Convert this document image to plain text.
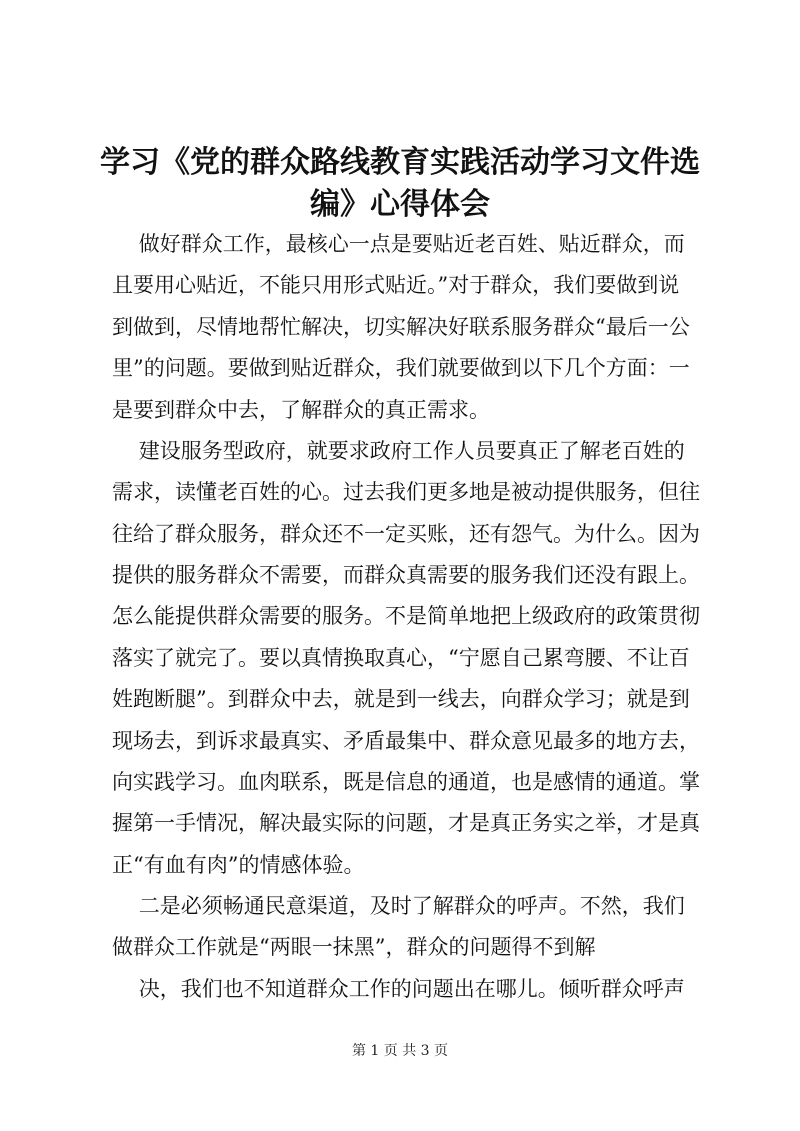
学习《党的群众路线教育实践活动学习文件选
编》心得体会

做好群众工作，最核心一点是要贴近老百姓、贴近群众，而

且要用心贴近，不能只用形式贴近。”对于群众，我们要做到说

到做到，尽情地帮忙解决，切实解决好联系服务群众“最后一公

里”的问题。要做到贴近群众，我们就要做到以下几个方面：一

是要到群众中去，了解群众的真正需求。

建设服务型政府，就要求政府工作人员要真正了解老百姓的

需求，读懂老百姓的心。过去我们更多地是被动提供服务，但往

往给了群众服务，群众还不一定买账，还有怨气。为什么。因为

提供的服务群众不需要，而群众真需要的服务我们还没有跟上。

怎么能提供群众需要的服务。不是简单地把上级政府的政策贯彻

落实了就完了。要以真情换取真心，“宁愿自己累弯腰、不让百

姓跑断腿”。到群众中去，就是到一线去，向群众学习；就是到

现场去，到诉求最真实、矛盾最集中、群众意见最多的地方去，

向实践学习。血肉联系，既是信息的通道，也是感情的通道。掌

握第一手情况，解决最实际的问题，才是真正务实之举，才是真

正“有血有肉”的情感体验。

二是必须畅通民意渠道，及时了解群众的呼声。不然，我们

做群众工作就是“两眼一抹黑”，群众的问题得不到解

决，我们也不知道群众工作的问题出在哪儿。倾听群众呼声

第 1 页 共 3 页
